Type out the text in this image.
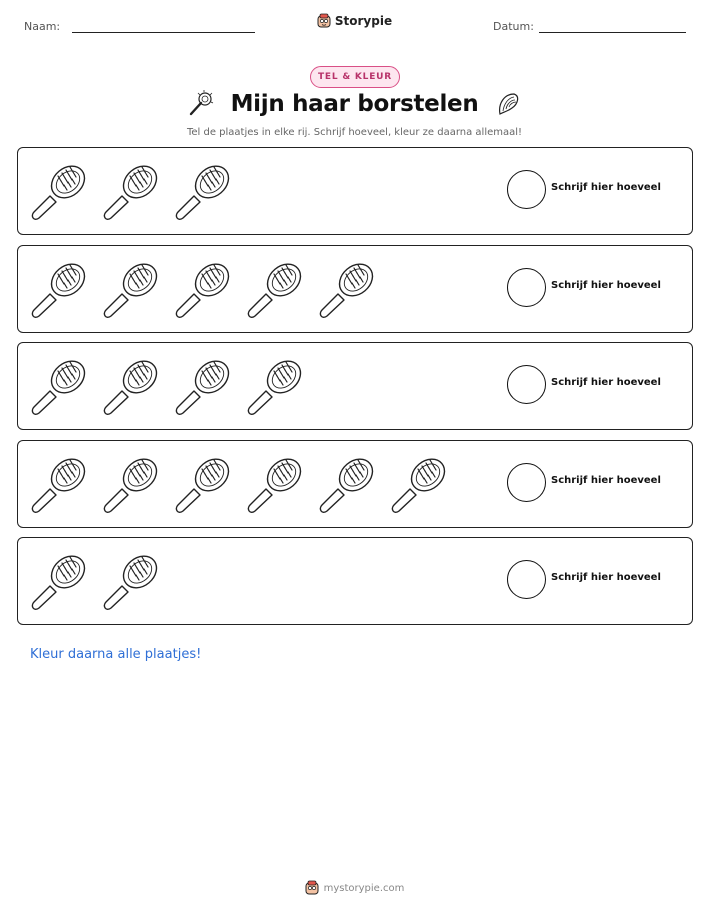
Naam:	Storypie	Datum:
TEL & KLEUR
Mijn haar borstelen
Tel de plaatjes in elke rij. Schrijf hoeveel, kleur ze daarna allemaal!
Schrijf hier hoeveel
Schrijf hier hoeveel
Schrijf hier hoeveel
Schrijf hier hoeveel
Schrijf hier hoeveel
Kleur daarna alle plaatjes!
mystorypie.com
